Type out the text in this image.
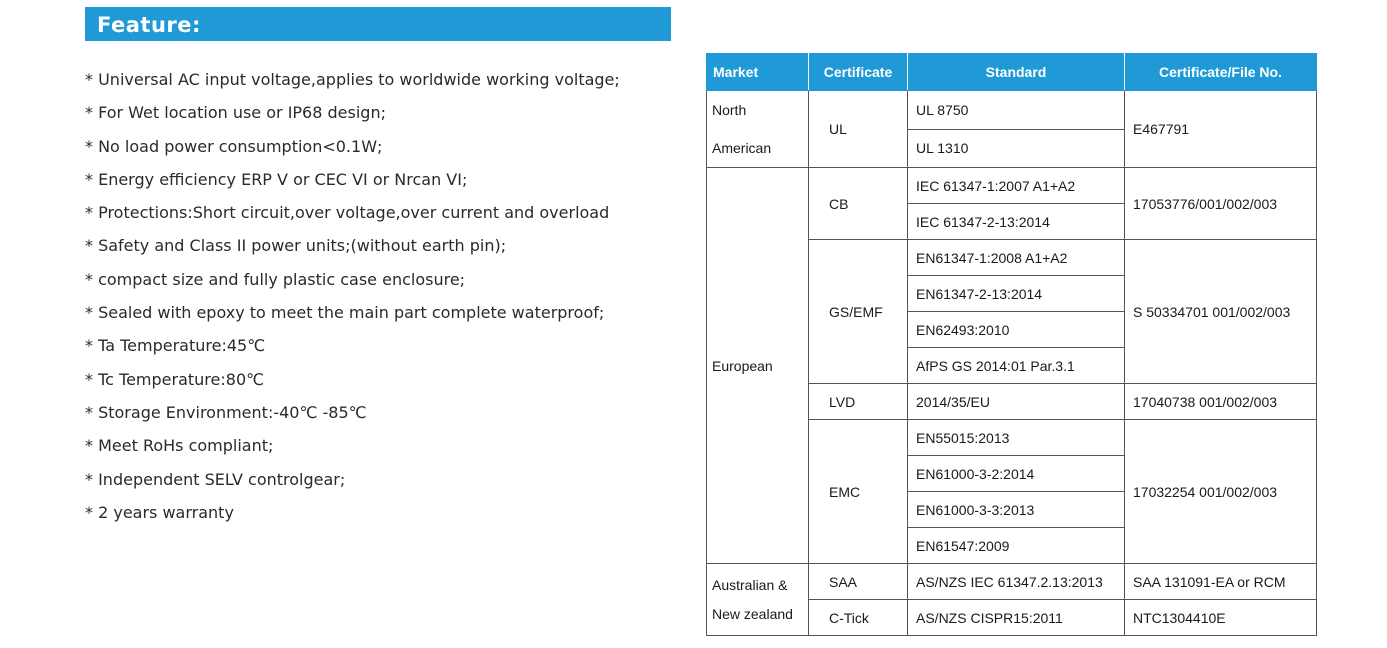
Feature:
* Universal AC input voltage,applies to worldwide working voltage;
* For Wet location use or IP68 design;
* No load power consumption<0.1W;
* Energy efficiency ERP V or CEC VI or Nrcan VI;
* Protections:Short circuit,over voltage,over current and overload
* Safety and Class II power units;(without earth pin);
* compact size and fully plastic case enclosure;
* Sealed with epoxy to meet the main part complete waterproof;
* Ta Temperature:45℃
* Tc Temperature:80℃
* Storage Environment:-40℃ -85℃
* Meet RoHs compliant;
* Independent SELV controlgear;
* 2 years warranty
Market	Certificate	Standard	Certificate/File No.

North
American	UL	UL 8750	E467791
		UL 1310	
European	CB	IEC 61347-1:2007 A1+A2	17053776/001/002/003
		IEC 61347-2-13:2014	
	GS/EMF	EN61347-1:2008 A1+A2	S 50334701 001/002/003
		EN61347-2-13:2014	
		EN62493:2010	
		AfPS GS 2014:01 Par.3.1	
	LVD	2014/35/EU	17040738 001/002/003
	EMC	EN55015:2013	17032254 001/002/003
		EN61000-3-2:2014	
		EN61000-3-3:2013	
		EN61547:2009	

Australian &
New zealand	SAA	AS/NZS IEC 61347.2.13:2013	SAA 131091-EA or RCM
	C-Tick	AS/NZS CISPR15:2011	NTC1304410E
